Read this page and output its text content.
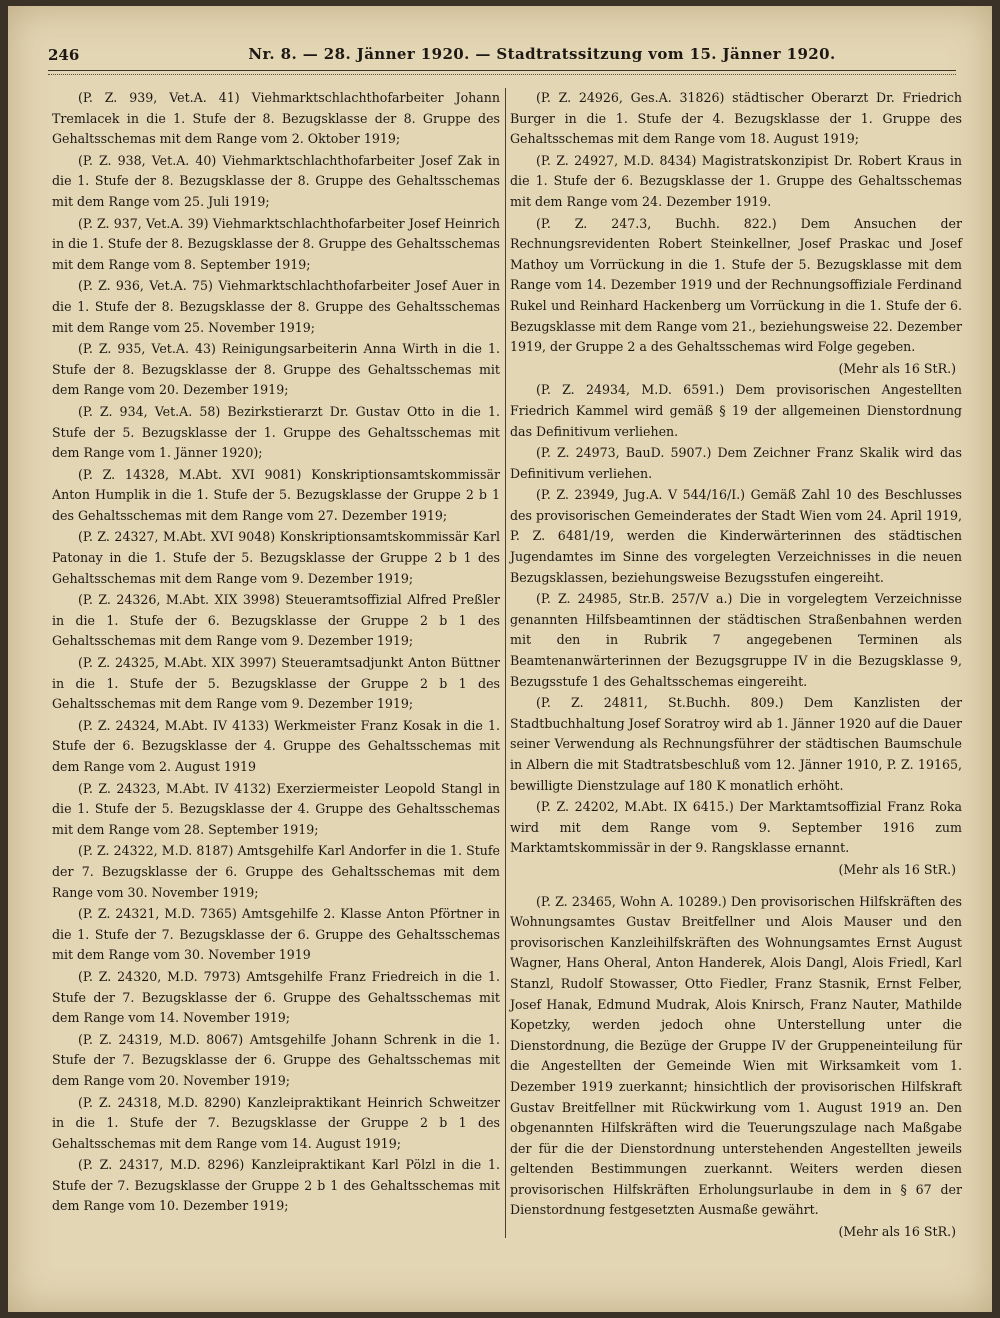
246	Nr. 8. — 28. Jänner 1920. — Stadtratssitzung vom 15. Jänner 1920.

(P. Z. 939, Vet.A. 41) Viehmarktschlachthofarbeiter Johann Tremlacek in die 1. Stufe der 8. Bezugsklasse der 8. Gruppe des Gehaltsschemas mit dem Range vom 2. Oktober 1919;

(P. Z. 938, Vet.A. 40) Viehmarktschlachthofarbeiter Josef Zak in die 1. Stufe der 8. Bezugsklasse der 8. Gruppe des Gehaltsschemas mit dem Range vom 25. Juli 1919;

(P. Z. 937, Vet.A. 39) Viehmarktschlachthofarbeiter Josef Heinrich in die 1. Stufe der 8. Bezugsklasse der 8. Gruppe des Gehaltsschemas mit dem Range vom 8. September 1919;

(P. Z. 936, Vet.A. 75) Viehmarktschlachthofarbeiter Josef Auer in die 1. Stufe der 8. Bezugsklasse der 8. Gruppe des Gehaltsschemas mit dem Range vom 25. November 1919;

(P. Z. 935, Vet.A. 43) Reinigungsarbeiterin Anna Wirth in die 1. Stufe der 8. Bezugsklasse der 8. Gruppe des Gehaltsschemas mit dem Range vom 20. Dezember 1919;

(P. Z. 934, Vet.A. 58) Bezirkstierarzt Dr. Gustav Otto in die 1. Stufe der 5. Bezugsklasse der 1. Gruppe des Gehaltsschemas mit dem Range vom 1. Jänner 1920);

(P. Z. 14328, M.Abt. XVI 9081) Konskriptionsamtskommissär Anton Humplik in die 1. Stufe der 5. Bezugsklasse der Gruppe 2 b 1 des Gehaltsschemas mit dem Range vom 27. Dezember 1919;

(P. Z. 24327, M.Abt. XVI 9048) Konskriptionsamtskommissär Karl Patonay in die 1. Stufe der 5. Bezugsklasse der Gruppe 2 b 1 des Gehaltsschemas mit dem Range vom 9. Dezember 1919;

(P. Z. 24326, M.Abt. XIX 3998) Steueramtsoffizial Alfred Preßler in die 1. Stufe der 6. Bezugsklasse der Gruppe 2 b 1 des Gehaltsschemas mit dem Range vom 9. Dezember 1919;

(P. Z. 24325, M.Abt. XIX 3997) Steueramtsadjunkt Anton Büttner in die 1. Stufe der 5. Bezugsklasse der Gruppe 2 b 1 des Gehaltsschemas mit dem Range vom 9. Dezember 1919;

(P. Z. 24324, M.Abt. IV 4133) Werkmeister Franz Kosak in die 1. Stufe der 6. Bezugsklasse der 4. Gruppe des Gehaltsschemas mit dem Range vom 2. August 1919

(P. Z. 24323, M.Abt. IV 4132) Exerziermeister Leopold Stangl in die 1. Stufe der 5. Bezugsklasse der 4. Gruppe des Gehaltsschemas mit dem Range vom 28. September 1919;

(P. Z. 24322, M.D. 8187) Amtsgehilfe Karl Andorfer in die 1. Stufe der 7. Bezugsklasse der 6. Gruppe des Gehaltsschemas mit dem Range vom 30. November 1919;

(P. Z. 24321, M.D. 7365) Amtsgehilfe 2. Klasse Anton Pförtner in die 1. Stufe der 7. Bezugsklasse der 6. Gruppe des Gehaltsschemas mit dem Range vom 30. November 1919

(P. Z. 24320, M.D. 7973) Amtsgehilfe Franz Friedreich in die 1. Stufe der 7. Bezugsklasse der 6. Gruppe des Gehaltsschemas mit dem Range vom 14. November 1919;

(P. Z. 24319, M.D. 8067) Amtsgehilfe Johann Schrenk in die 1. Stufe der 7. Bezugsklasse der 6. Gruppe des Gehaltsschemas mit dem Range vom 20. November 1919;

(P. Z. 24318, M.D. 8290) Kanzleipraktikant Heinrich Schweitzer in die 1. Stufe der 7. Bezugsklasse der Gruppe 2 b 1 des Gehaltsschemas mit dem Range vom 14. August 1919;

(P. Z. 24317, M.D. 8296) Kanzleipraktikant Karl Pölzl in die 1. Stufe der 7. Bezugsklasse der Gruppe 2 b 1 des Gehaltsschemas mit dem Range vom 10. Dezember 1919;

(P. Z. 24926, Ges.A. 31826) städtischer Oberarzt Dr. Friedrich Burger in die 1. Stufe der 4. Bezugsklasse der 1. Gruppe des Gehaltsschemas mit dem Range vom 18. August 1919;

(P. Z. 24927, M.D. 8434) Magistratskonzipist Dr. Robert Kraus in die 1. Stufe der 6. Bezugsklasse der 1. Gruppe des Gehaltsschemas mit dem Range vom 24. Dezember 1919.

(P. Z. 247.3, Buchh. 822.) Dem Ansuchen der Rechnungsrevidenten Robert Steinkellner, Josef Praskac und Josef Mathoy um Vorrückung in die 1. Stufe der 5. Bezugsklasse mit dem Range vom 14. Dezember 1919 und der Rechnungsoffiziale Ferdinand Rukel und Reinhard Hackenberg um Vorrückung in die 1. Stufe der 6. Bezugsklasse mit dem Range vom 21., beziehungsweise 22. Dezember 1919, der Gruppe 2 a des Gehaltsschemas wird Folge gegeben.

(Mehr als 16 StR.)

(P. Z. 24934, M.D. 6591.) Dem provisorischen Angestellten Friedrich Kammel wird gemäß § 19 der allgemeinen Dienstordnung das Definitivum verliehen.

(P. Z. 24973, BauD. 5907.) Dem Zeichner Franz Skalik wird das Definitivum verliehen.

(P. Z. 23949, Jug.A. V 544/16/I.) Gemäß Zahl 10 des Beschlusses des provisorischen Gemeinderates der Stadt Wien vom 24. April 1919, P. Z. 6481/19, werden die Kinderwärterinnen des städtischen Jugendamtes im Sinne des vorgelegten Verzeichnisses in die neuen Bezugsklassen, beziehungsweise Bezugsstufen eingereiht.

(P. Z. 24985, Str.B. 257/V a.) Die in vorgelegtem Verzeichnisse genannten Hilfsbeamtinnen der städtischen Straßenbahnen werden mit den in Rubrik 7 angegebenen Terminen als Beamtenanwärterinnen der Bezugsgruppe IV in die Bezugsklasse 9, Bezugsstufe 1 des Gehaltsschemas eingereiht.

(P. Z. 24811, St.Buchh. 809.) Dem Kanzlisten der Stadtbuchhaltung Josef Soratroy wird ab 1. Jänner 1920 auf die Dauer seiner Verwendung als Rechnungsführer der städtischen Baumschule in Albern die mit Stadtratsbeschluß vom 12. Jänner 1910, P. Z. 19165, bewilligte Dienstzulage auf 180 K monatlich erhöht.

(P. Z. 24202, M.Abt. IX 6415.) Der Marktamtsoffizial Franz Roka wird mit dem Range vom 9. September 1916 zum Marktamtskommissär in der 9. Rangsklasse ernannt.

(Mehr als 16 StR.)

(P. Z. 23465, Wohn A. 10289.) Den provisorischen Hilfskräften des Wohnungsamtes Gustav Breitfellner und Alois Mauser und den provisorischen Kanzleihilfskräften des Wohnungsamtes Ernst August Wagner, Hans Oheral, Anton Handerek, Alois Dangl, Alois Friedl, Karl Stanzl, Rudolf Stowasser, Otto Fiedler, Franz Stasnik, Ernst Felber, Josef Hanak, Edmund Mudrak, Alois Knirsch, Franz Nauter, Mathilde Kopetzky, werden jedoch ohne Unterstellung unter die Dienstordnung, die Bezüge der Gruppe IV der Gruppeneinteilung für die Angestellten der Gemeinde Wien mit Wirksamkeit vom 1. Dezember 1919 zuerkannt; hinsichtlich der provisorischen Hilfskraft Gustav Breitfellner mit Rückwirkung vom 1. August 1919 an. Den obgenannten Hilfskräften wird die Teuerungszulage nach Maßgabe der für die der Dienstordnung unterstehenden Angestellten jeweils geltenden Bestimmungen zuerkannt. Weiters werden diesen provisorischen Hilfskräften Erholungsurlaube in dem in § 67 der Dienstordnung festgesetzten Ausmaße gewährt.

(Mehr als 16 StR.)
